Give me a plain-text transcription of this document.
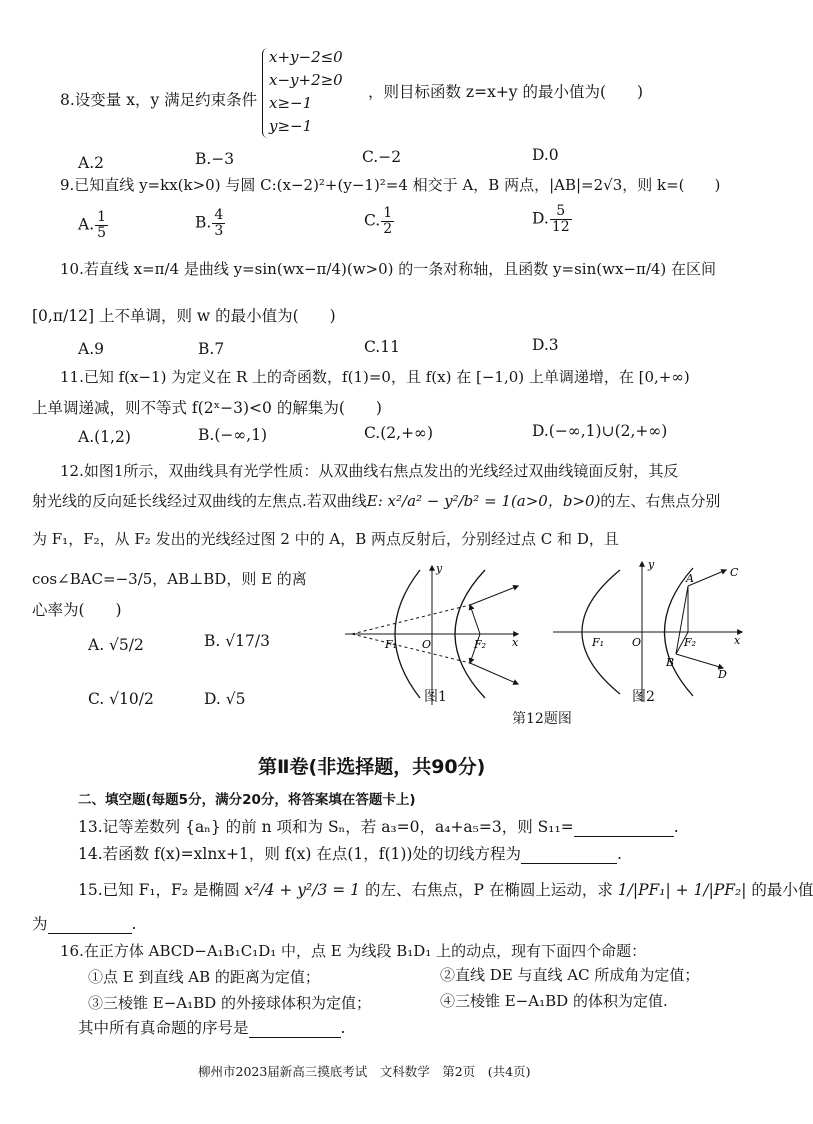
8.设变量 x，y 满足约束条件
x+y−2≤0
x−y+2≥0
x≥−1
y≥−1
，则目标函数 z=x+y 的最小值为(　　)
A.2	B.−3	C.−2	D.0
9.已知直线 y=kx(k>0) 与圆 C:(x−2)²+(y−1)²=4 相交于 A，B 两点，|AB|=2√3，则 k=(　　)
A. $\frac{1}{5}$	B. $\frac{4}{3}$	C. $\frac{1}{2}$	D. $\frac{5}{12}$
10.若直线 x=π/4 是曲线 y=sin(wx−π/4)(w>0) 的一条对称轴，且函数 y=sin(wx−π/4) 在区间
[0,π/12] 上不单调，则 w 的最小值为(　　)
A.9	B.7	C.11	D.3
11.已知 f(x−1) 为定义在 R 上的奇函数，f(1)=0，且 f(x) 在 [−1,0) 上单调递增，在 [0,+∞)
上单调递减，则不等式 f(2ˣ−3)<0 的解集为(　　)
A.(1,2)	B.(−∞,1)	C.(2,+∞)	D.(−∞,1)∪(2,+∞)
12.如图1所示，双曲线具有光学性质：从双曲线右焦点发出的光线经过双曲线镜面反射，其反
射光线的反向延长线经过双曲线的左焦点.若双曲线E: x²/a² − y²/b² = 1(a>0，b>0)的左、右焦点分别
为 F₁，F₂，从 F₂ 发出的光线经过图 2 中的 A，B 两点反射后，分别经过点 C 和 D，且
cos∠BAC=−3/5，AB⊥BD，则 E 的离
心率为(　　)
A. √5/2	B. √17/3
C. √10/2	D. √5
y
x
O
F₁	F₂
图1
y
x
O
F₁	F₂
A	C
B
D
图2
第12题图
第Ⅱ卷(非选择题，共90分)
二、填空题(每题5分，满分20分，将答案填在答题卡上)
13.记等差数列 {aₙ} 的前 n 项和为 Sₙ，若 a₃=0，a₄+a₅=3，则 S₁₁=	.
14.若函数 f(x)=xlnx+1，则 f(x) 在点(1，f(1))处的切线方程为	.
15.已知 F₁，F₂ 是椭圆 x²/4 + y²/3 = 1 的左、右焦点，P 在椭圆上运动，求 1/|PF₁| + 1/|PF₂| 的最小值
为	.
16.在正方体 ABCD−A₁B₁C₁D₁ 中，点 E 为线段 B₁D₁ 上的动点，现有下面四个命题：
①点 E 到直线 AB 的距离为定值；	②直线 DE 与直线 AC 所成角为定值；
③三棱锥 E−A₁BD 的外接球体积为定值；	④三棱锥 E−A₁BD 的体积为定值.
其中所有真命题的序号是	.
柳州市2023届新高三摸底考试　文科数学　第2页　(共4页)
